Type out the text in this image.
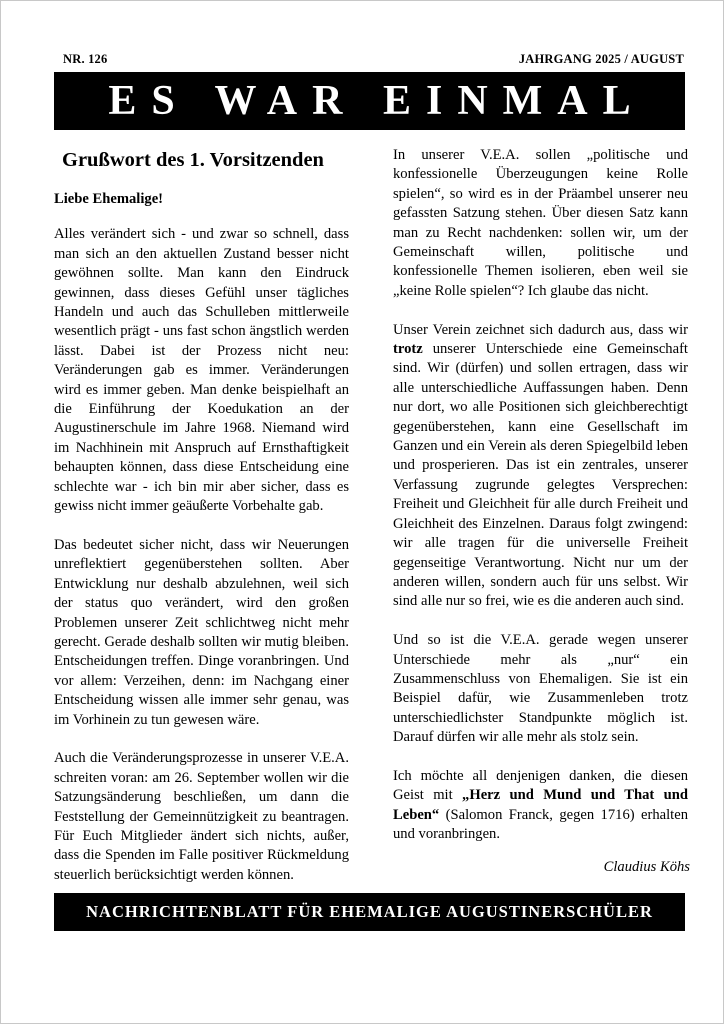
NR. 126	JAHRGANG 2025 / AUGUST
ES WAR EINMAL
Grußwort des 1. Vorsitzenden
Liebe Ehemalige!

Alles verändert sich - und zwar so schnell, dass man sich an den aktuellen Zustand besser nicht gewöhnen sollte. Man kann den Eindruck gewinnen, dass dieses Gefühl unser tägliches Handeln und auch das Schulleben mittlerweile wesentlich prägt - uns fast schon ängstlich werden lässt. Dabei ist der Prozess nicht neu: Veränderungen gab es immer. Veränderungen wird es immer geben. Man denke beispielhaft an die Einführung der Koedukation an der Augustinerschule im Jahre 1968. Niemand wird im Nachhinein mit Anspruch auf Ernsthaftigkeit behaupten können, dass diese Entscheidung eine schlechte war - ich bin mir aber sicher, dass es gewiss nicht immer geäußerte Vorbehalte gab.

Das bedeutet sicher nicht, dass wir Neuerungen unreflektiert gegenüberstehen sollten. Aber Entwicklung nur deshalb abzulehnen, weil sich der status quo verändert, wird den großen Problemen unserer Zeit schlichtweg nicht mehr gerecht. Gerade deshalb sollten wir mutig bleiben. Entscheidungen treffen. Dinge voranbringen. Und vor allem: Verzeihen, denn: im Nachgang einer Entscheidung wissen alle immer sehr genau, was im Vorhinein zu tun gewesen wäre.

Auch die Veränderungsprozesse in unserer V.E.A. schreiten voran: am 26. September wollen wir die Satzungsänderung beschließen, um dann die Feststellung der Gemeinnützigkeit zu beantragen. Für Euch Mitglieder ändert sich nichts, außer, dass die Spenden im Falle positiver Rückmeldung steuerlich berücksichtigt werden können.

In unserer V.E.A. sollen „politische und konfessionelle Überzeugungen keine Rolle spielen“, so wird es in der Präambel unserer neu gefassten Satzung stehen. Über diesen Satz kann man zu Recht nachdenken: sollen wir, um der Gemeinschaft willen, politische und konfessionelle Themen isolieren, eben weil sie „keine Rolle spielen“? Ich glaube das nicht.

Unser Verein zeichnet sich dadurch aus, dass wir trotz unserer Unterschiede eine Gemeinschaft sind. Wir (dürfen) und sollen ertragen, dass wir alle unterschiedliche Auffassungen haben. Denn nur dort, wo alle Positionen sich gleichberechtigt gegenüberstehen, kann eine Gesellschaft im Ganzen und ein Verein als deren Spiegelbild leben und prosperieren. Das ist ein zentrales, unserer Verfassung zugrunde gelegtes Versprechen: Freiheit und Gleichheit für alle durch Freiheit und Gleichheit des Einzelnen. Daraus folgt zwingend: wir alle tragen für die universelle Freiheit gegenseitige Verantwortung. Nicht nur um der anderen willen, sondern auch für uns selbst. Wir sind alle nur so frei, wie es die anderen auch sind.

Und so ist die V.E.A. gerade wegen unserer Unterschiede mehr als „nur“ ein Zusammenschluss von Ehemaligen. Sie ist ein Beispiel dafür, wie Zusammenleben trotz unterschiedlichster Standpunkte möglich ist. Darauf dürfen wir alle mehr als stolz sein.

Ich möchte all denjenigen danken, die diesen Geist mit „Herz und Mund und That und Leben“ (Salomon Franck, gegen 1716) erhalten und voranbringen.

Claudius Köhs
NACHRICHTENBLATT FÜR EHEMALIGE AUGUSTINERSCHÜLER
